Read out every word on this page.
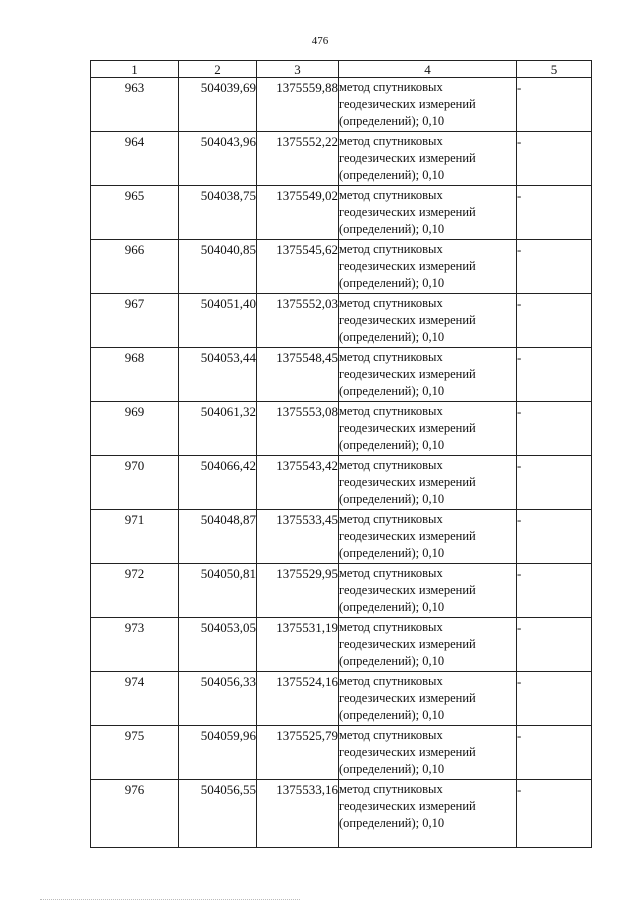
476
1	2	3	4	5
963	504039,69	1375559,88	метод спутниковых
геодезических измерений
(определений); 0,10	-
964	504043,96	1375552,22	метод спутниковых
геодезических измерений
(определений); 0,10	-
965	504038,75	1375549,02	метод спутниковых
геодезических измерений
(определений); 0,10	-
966	504040,85	1375545,62	метод спутниковых
геодезических измерений
(определений); 0,10	-
967	504051,40	1375552,03	метод спутниковых
геодезических измерений
(определений); 0,10	-
968	504053,44	1375548,45	метод спутниковых
геодезических измерений
(определений); 0,10	-
969	504061,32	1375553,08	метод спутниковых
геодезических измерений
(определений); 0,10	-
970	504066,42	1375543,42	метод спутниковых
геодезических измерений
(определений); 0,10	-
971	504048,87	1375533,45	метод спутниковых
геодезических измерений
(определений); 0,10	-
972	504050,81	1375529,95	метод спутниковых
геодезических измерений
(определений); 0,10	-
973	504053,05	1375531,19	метод спутниковых
геодезических измерений
(определений); 0,10	-
974	504056,33	1375524,16	метод спутниковых
геодезических измерений
(определений); 0,10	-
975	504059,96	1375525,79	метод спутниковых
геодезических измерений
(определений); 0,10	-
976	504056,55	1375533,16	метод спутниковых
геодезических измерений
(определений); 0,10	-
